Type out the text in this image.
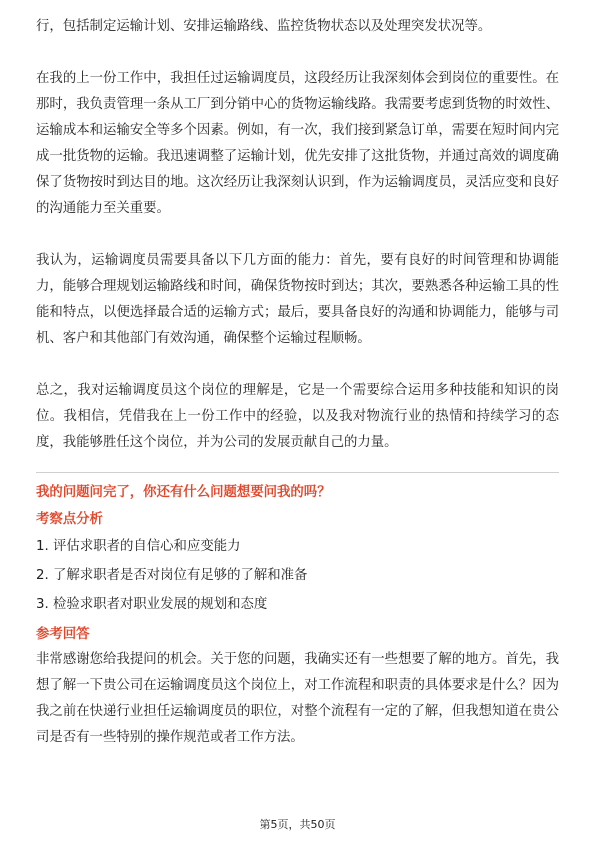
行，包括制定运输计划、安排运输路线、监控货物状态以及处理突发状况等。

在我的上一份工作中，我担任过运输调度员，这段经历让我深刻体会到岗位的重要性。在那时，我负责管理一条从工厂到分销中心的货物运输线路。我需要考虑到货物的时效性、运输成本和运输安全等多个因素。例如，有一次，我们接到紧急订单，需要在短时间内完成一批货物的运输。我迅速调整了运输计划，优先安排了这批货物，并通过高效的调度确保了货物按时到达目的地。这次经历让我深刻认识到，作为运输调度员，灵活应变和良好的沟通能力至关重要。

我认为，运输调度员需要具备以下几方面的能力：首先，要有良好的时间管理和协调能力，能够合理规划运输路线和时间，确保货物按时到达；其次，要熟悉各种运输工具的性能和特点，以便选择最合适的运输方式；最后，要具备良好的沟通和协调能力，能够与司机、客户和其他部门有效沟通，确保整个运输过程顺畅。

总之，我对运输调度员这个岗位的理解是，它是一个需要综合运用多种技能和知识的岗位。我相信，凭借我在上一份工作中的经验，以及我对物流行业的热情和持续学习的态度，我能够胜任这个岗位，并为公司的发展贡献自己的力量。

我的问题问完了，你还有什么问题想要问我的吗？

考察点分析

1. 评估求职者的自信心和应变能力

2. 了解求职者是否对岗位有足够的了解和准备

3. 检验求职者对职业发展的规划和态度

参考回答

非常感谢您给我提问的机会。关于您的问题，我确实还有一些想要了解的地方。首先，我想了解一下贵公司在运输调度员这个岗位上，对工作流程和职责的具体要求是什么？因为我之前在快递行业担任运输调度员的职位，对整个流程有一定的了解，但我想知道在贵公司是否有一些特别的操作规范或者工作方法。

第5页，共50页
